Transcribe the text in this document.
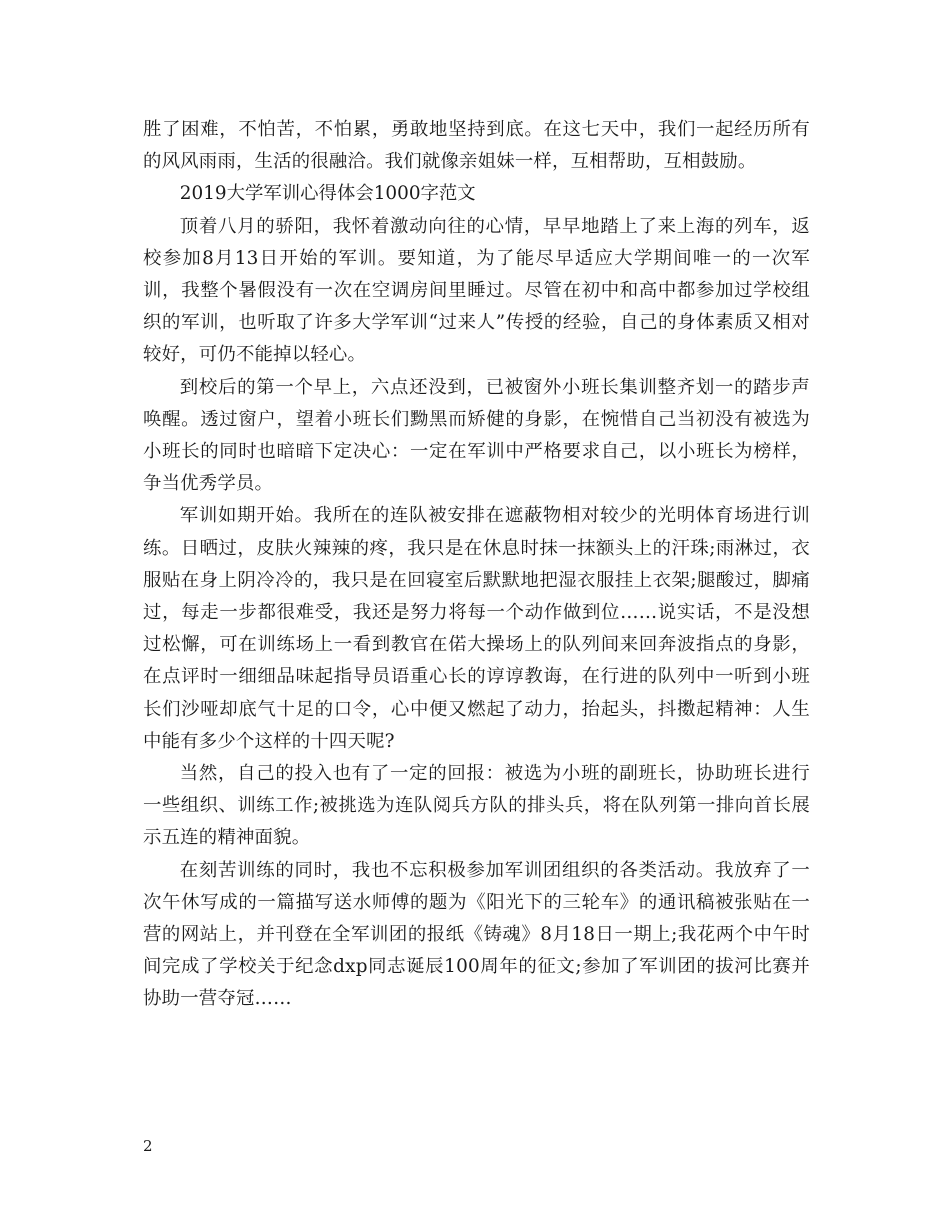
胜了困难，不怕苦，不怕累，勇敢地坚持到底。在这七天中，我们一起经历所有的风风雨雨，生活的很融洽。我们就像亲姐妹一样，互相帮助，互相鼓励。

2019大学军训心得体会1000字范文

顶着八月的骄阳，我怀着激动向往的心情，早早地踏上了来上海的列车，返校参加8月13日开始的军训。要知道，为了能尽早适应大学期间唯一的一次军训，我整个暑假没有一次在空调房间里睡过。尽管在初中和高中都参加过学校组织的军训，也听取了许多大学军训“过来人”传授的经验，自己的身体素质又相对较好，可仍不能掉以轻心。

到校后的第一个早上，六点还没到，已被窗外小班长集训整齐划一的踏步声唤醒。透过窗户，望着小班长们黝黑而矫健的身影，在惋惜自己当初没有被选为小班长的同时也暗暗下定决心：一定在军训中严格要求自己，以小班长为榜样，争当优秀学员。

军训如期开始。我所在的连队被安排在遮蔽物相对较少的光明体育场进行训练。日晒过，皮肤火辣辣的疼，我只是在休息时抹一抹额头上的汗珠;雨淋过，衣服贴在身上阴冷冷的，我只是在回寝室后默默地把湿衣服挂上衣架;腿酸过，脚痛过，每走一步都很难受，我还是努力将每一个动作做到位……说实话，不是没想过松懈，可在训练场上一看到教官在偌大操场上的队列间来回奔波指点的身影，在点评时一细细品味起指导员语重心长的谆谆教诲，在行进的队列中一听到小班长们沙哑却底气十足的口令，心中便又燃起了动力，抬起头，抖擞起精神：人生中能有多少个这样的十四天呢?

当然，自己的投入也有了一定的回报：被选为小班的副班长，协助班长进行一些组织、训练工作;被挑选为连队阅兵方队的排头兵，将在队列第一排向首长展示五连的精神面貌。

在刻苦训练的同时，我也不忘积极参加军训团组织的各类活动。我放弃了一次午休写成的一篇描写送水师傅的题为《阳光下的三轮车》的通讯稿被张贴在一营的网站上，并刊登在全军训团的报纸《铸魂》8月18日一期上;我花两个中午时间完成了学校关于纪念dxp同志诞辰100周年的征文;参加了军训团的拔河比赛并协助一营夺冠……

2
